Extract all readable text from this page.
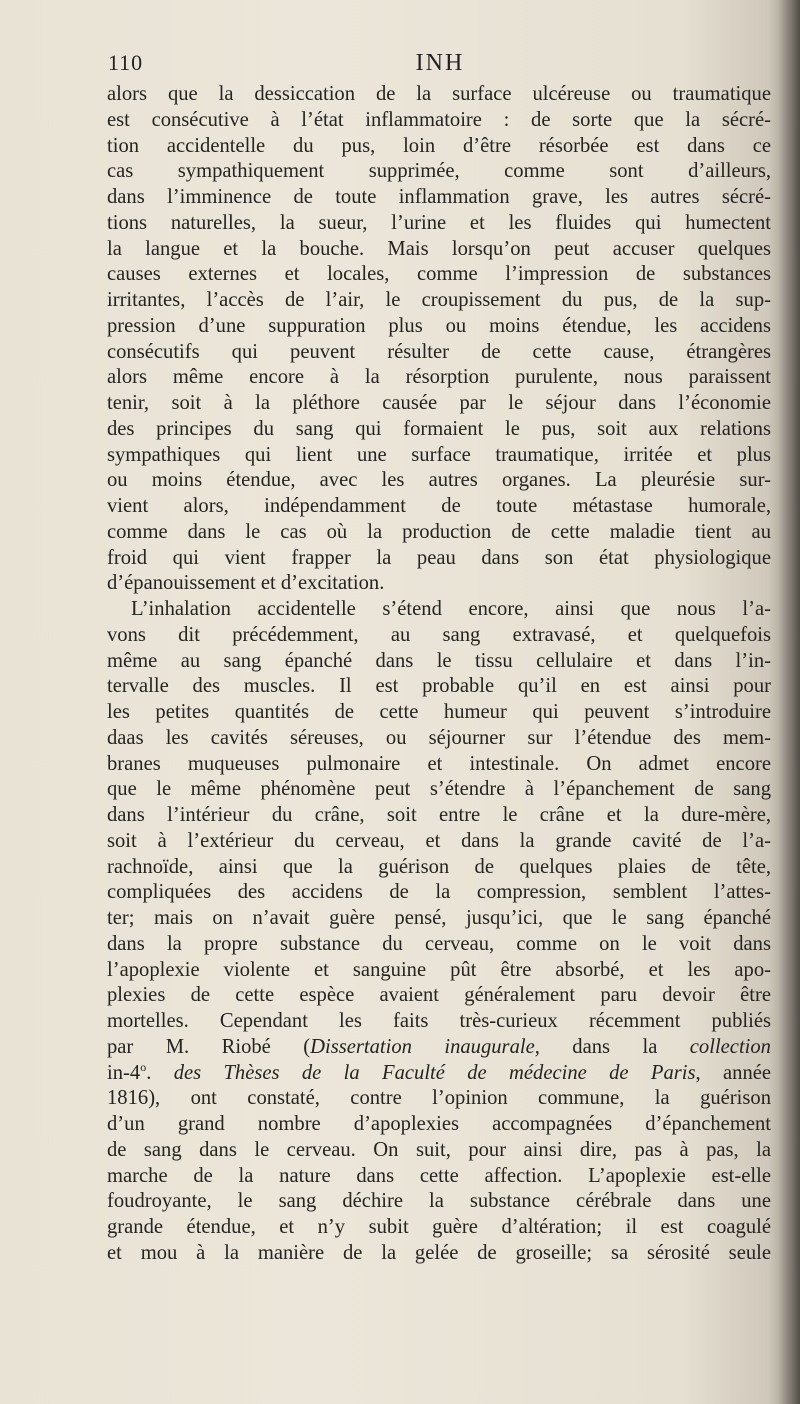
110	INH
alors que la dessiccation de la surface ulcéreuse ou traumatique
est consécutive à l’état inflammatoire : de sorte que la sécré-
tion accidentelle du pus, loin d’être résorbée est dans ce
cas sympathiquement supprimée, comme sont d’ailleurs,
dans l’imminence de toute inflammation grave, les autres sécré-
tions naturelles, la sueur, l’urine et les fluides qui humectent
la langue et la bouche. Mais lorsqu’on peut accuser quelques
causes externes et locales, comme l’impression de substances
irritantes, l’accès de l’air, le croupissement du pus, de la sup-
pression d’une suppuration plus ou moins étendue, les accidens
consécutifs qui peuvent résulter de cette cause, étrangères
alors même encore à la résorption purulente, nous paraissent
tenir, soit à la pléthore causée par le séjour dans l’économie
des principes du sang qui formaient le pus, soit aux relations
sympathiques qui lient une surface traumatique, irritée et plus
ou moins étendue, avec les autres organes. La pleurésie sur-
vient alors, indépendamment de toute métastase humorale,
comme dans le cas où la production de cette maladie tient au
froid qui vient frapper la peau dans son état physiologique
d’épanouissement et d’excitation.
L’inhalation accidentelle s’étend encore, ainsi que nous l’a-
vons dit précédemment, au sang extravasé, et quelquefois
même au sang épanché dans le tissu cellulaire et dans l’in-
tervalle des muscles. Il est probable qu’il en est ainsi pour
les petites quantités de cette humeur qui peuvent s’introduire
daas les cavités séreuses, ou séjourner sur l’étendue des mem-
branes muqueuses pulmonaire et intestinale. On admet encore
que le même phénomène peut s’étendre à l’épanchement de sang
dans l’intérieur du crâne, soit entre le crâne et la dure-mère,
soit à l’extérieur du cerveau, et dans la grande cavité de l’a-
rachnoïde, ainsi que la guérison de quelques plaies de tête,
compliquées des accidens de la compression, semblent l’attes-
ter; mais on n’avait guère pensé, jusqu’ici, que le sang épanché
dans la propre substance du cerveau, comme on le voit dans
l’apoplexie violente et sanguine pût être absorbé, et les apo-
plexies de cette espèce avaient généralement paru devoir être
mortelles. Cependant les faits très-curieux récemment publiés
par M. Riobé (Dissertation inaugurale, dans la collection
in-4$^o$. des Thèses de la Faculté de médecine de Paris, année
1816), ont constaté, contre l’opinion commune, la guérison
d’un grand nombre d’apoplexies accompagnées d’épanchement
de sang dans le cerveau. On suit, pour ainsi dire, pas à pas, la
marche de la nature dans cette affection. L’apoplexie est-elle
foudroyante, le sang déchire la substance cérébrale dans une
grande étendue, et n’y subit guère d’altération; il est coagulé
et mou à la manière de la gelée de groseille; sa sérosité seule
